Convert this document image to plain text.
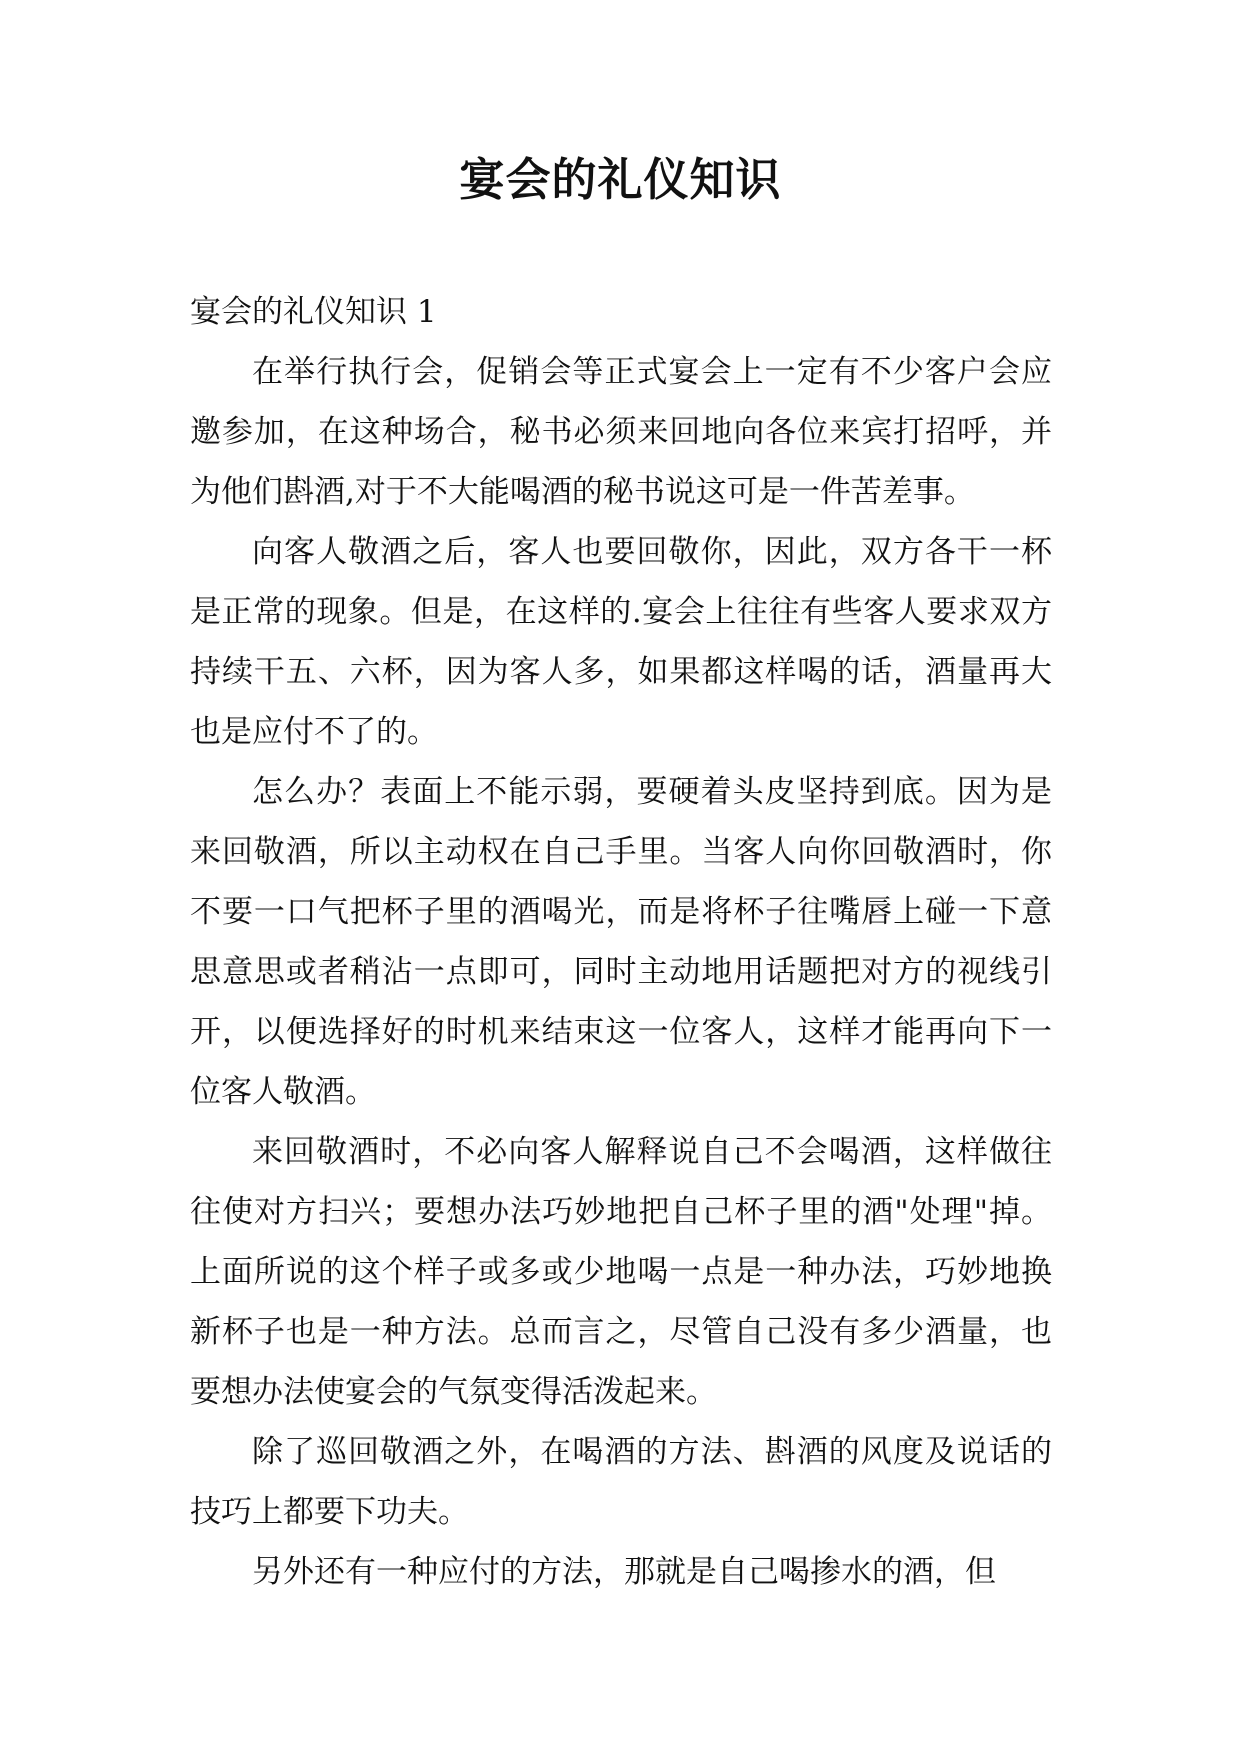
宴会的礼仪知识

宴会的礼仪知识 1

在举行执行会，促销会等正式宴会上一定有不少客户会应邀参加，在这种场合，秘书必须来回地向各位来宾打招呼，并为他们斟酒,对于不大能喝酒的秘书说这可是一件苦差事。

向客人敬酒之后，客人也要回敬你，因此，双方各干一杯是正常的现象。但是，在这样的.宴会上往往有些客人要求双方持续干五、六杯，因为客人多，如果都这样喝的话，酒量再大也是应付不了的。

怎么办？表面上不能示弱，要硬着头皮坚持到底。因为是来回敬酒，所以主动权在自己手里。当客人向你回敬酒时，你不要一口气把杯子里的酒喝光，而是将杯子往嘴唇上碰一下意思意思或者稍沾一点即可，同时主动地用话题把对方的视线引开，以便选择好的时机来结束这一位客人，这样才能再向下一位客人敬酒。

来回敬酒时，不必向客人解释说自己不会喝酒，这样做往往使对方扫兴；要想办法巧妙地把自己杯子里的酒"处理"掉。上面所说的这个样子或多或少地喝一点是一种办法，巧妙地换新杯子也是一种方法。总而言之，尽管自己没有多少酒量，也要想办法使宴会的气氛变得活泼起来。

除了巡回敬酒之外，在喝酒的方法、斟酒的风度及说话的技巧上都要下功夫。

另外还有一种应付的方法，那就是自己喝掺水的酒，但
